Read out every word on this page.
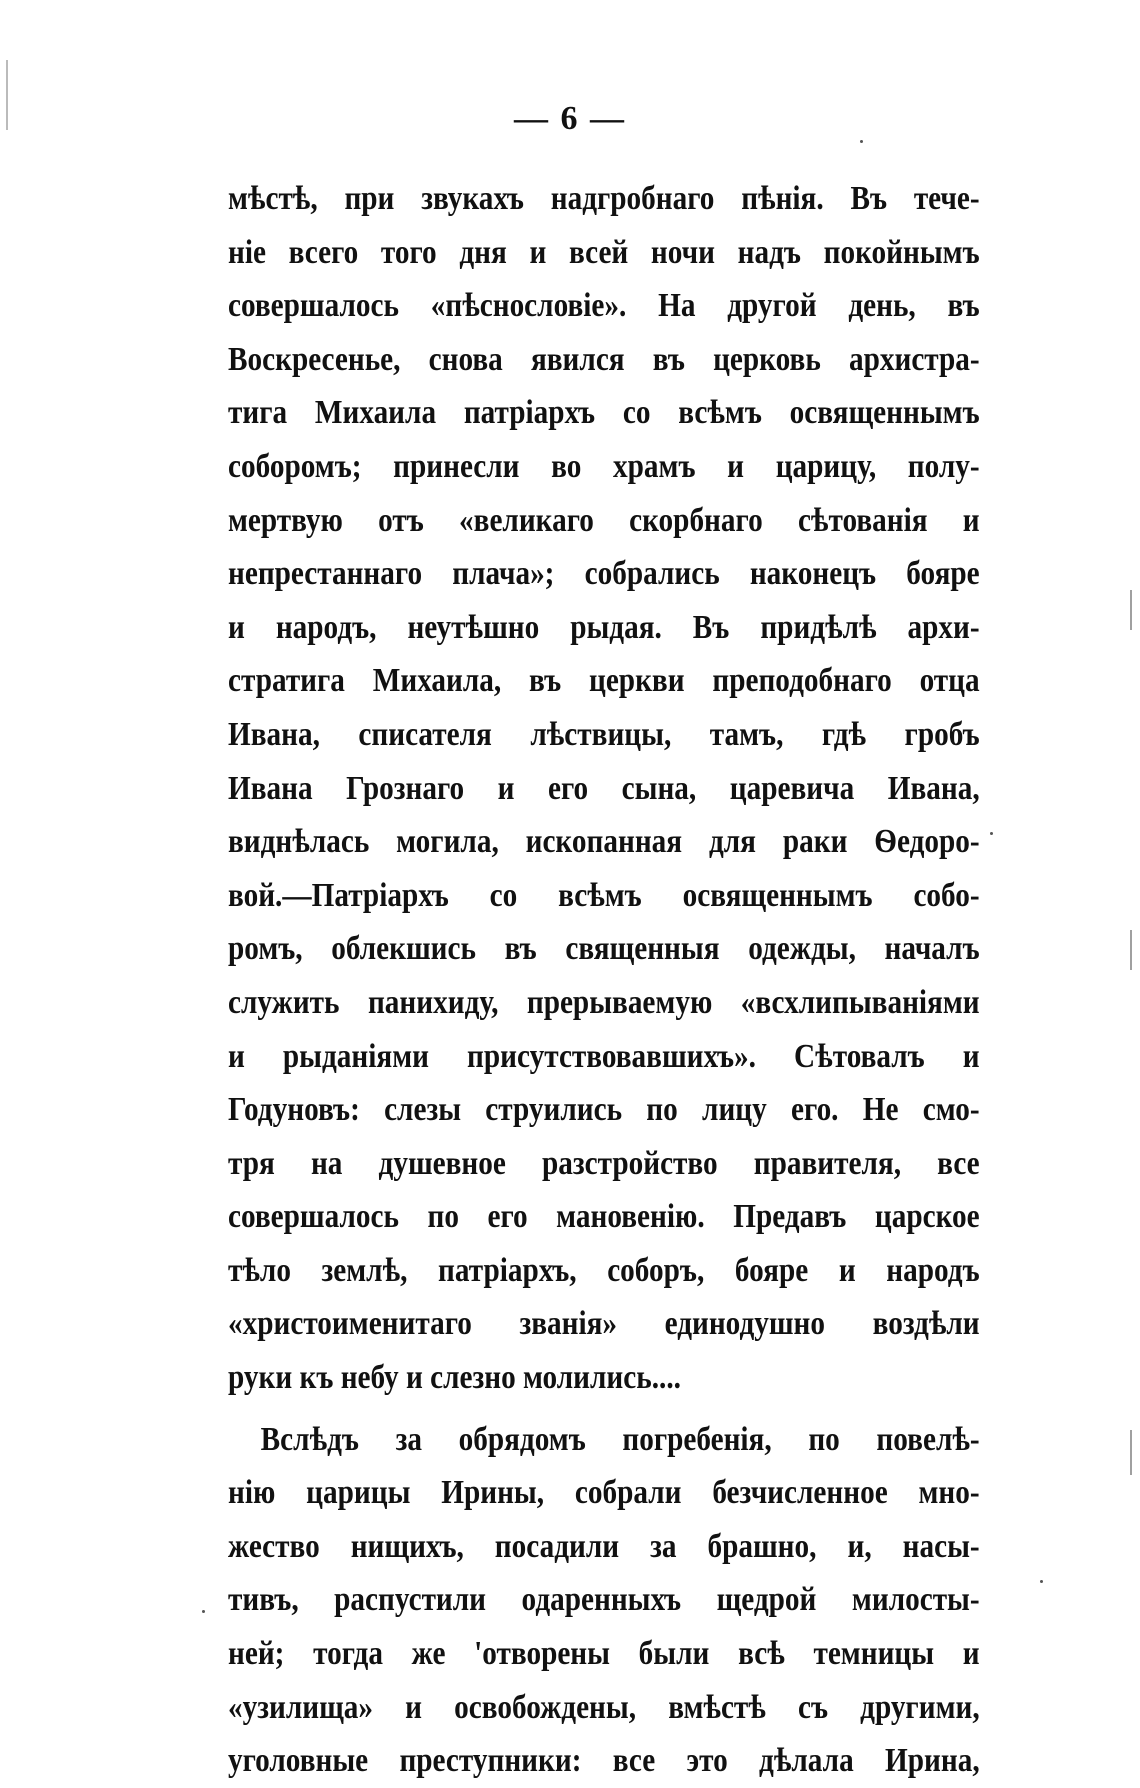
— 6 —
мѣстѣ, при звукахъ надгробнаго пѣнія. Въ тече-
ніе всего того дня и всей ночи надъ покойнымъ
совершалось «пѣснословіе». На другой день, въ
Воскресенье, снова явился въ церковь архистра-
тига Михаила патріархъ со всѣмъ освященнымъ
соборомъ; принесли во храмъ и царицу, полу-
мертвую отъ «великаго скорбнаго сѣтованія и
непрестаннаго плача»; собрались наконецъ бояре
и народъ, неутѣшно рыдая. Въ придѣлѣ архи-
стратига Михаила, въ церкви преподобнаго отца
Ивана, списателя лѣствицы, тамъ, гдѣ гробъ
Ивана Грознаго и его сына, царевича Ивана,
виднѣлась могила, ископанная для раки Ѳедоро-
вой.—Патріархъ со всѣмъ освященнымъ собо-
ромъ, облекшись въ священныя одежды, началъ
служить панихиду, прерываемую «всхлипываніями
и рыданіями присутствовавшихъ». Сѣтовалъ и
Годуновъ: слезы струились по лицу его. Не смо-
тря на душевное разстройство правителя, все
совершалось по его мановенію. Предавъ царское
тѣло землѣ, патріархъ, соборъ, бояре и народъ
«христоименитаго званія» единодушно воздѣли
руки къ небу и слезно молились....
Вслѣдъ за обрядомъ погребенія, по повелѣ-
нію царицы Ирины, собрали безчисленное мно-
жество нищихъ, посадили за брашно, и, насы-
тивъ, распустили одаренныхъ щедрой милосты-
ней; тогда же 'отворены были всѣ темницы и
«узилища» и освобождены, вмѣстѣ съ другими,
уголовные преступники: все это дѣлала Ирина,
